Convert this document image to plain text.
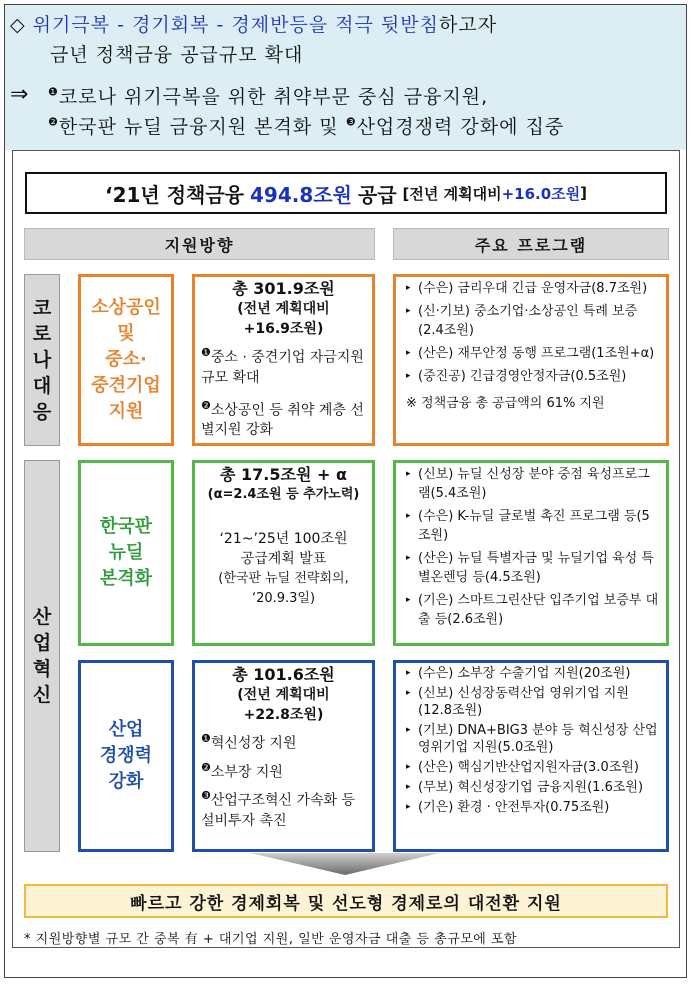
◇ 위기극복 - 경기회복 - 경제반등을 적극 뒷받침하고자
금년 정책금융 공급규모 확대
⇒ $^❶$코로나 위기극복을 위한 취약부문 중심 금융지원,
$^❷$한국판 뉴딜 금융지원 본격화 및 $^❸$산업경쟁력 강화에 집중
‘21년 정책금융 494.8조원 공급 [전년 계획대비 +16.0조원 ]
지원방향	주요 프로그램
코
로
나
대
응
산
업
혁
신
소상공인
및
중소·
중견기업
지원
총 301.9조원
(전년 계획대비
+16.9조원)
$^❶$중소 · 중견기업 자금지원 규모 확대
$^❷$소상공인 등 취약 계층 선별지원 강화
▸ (수은) 금리우대 긴급 운영자금(8.7조원)
▸ (신·기보) 중소기업·소상공인 특례 보증(2.4조원)
▸ (산은) 재무안정 동행 프로그램(1조원+α)
▸ (중진공) 긴급경영안정자금(0.5조원)
※ 정책금융 총 공급액의 61% 지원
한국판
뉴딜
본격화
총 17.5조원 + α
(α=2.4조원 등 추가노력)
‘21~’25년 100조원
공급계획 발표
(한국판 뉴딜 전략회의,
‘20.9.3일)
▸ (신보) 뉴딜 신성장 분야 중점 육성프로그램(5.4조원)
▸ (수은) K-뉴딜 글로벌 촉진 프로그램 등(5조원)
▸ (산은) 뉴딜 특별자금 및 뉴딜기업 육성 특별온렌딩 등(4.5조원)
▸ (기은) 스마트그린산단 입주기업 보증부 대출 등(2.6조원)
산업
경쟁력
강화
총 101.6조원
(전년 계획대비
+22.8조원)
$^❶$혁신성장 지원
$^❷$소부장 지원
$^❸$산업구조혁신 가속화 등 설비투자 촉진
▸ (수은) 소부장 수출기업 지원(20조원)
▸ (신보) 신성장동력산업 영위기업 지원(12.8조원)
▸ (기보) DNA+BIG3 분야 등 혁신성장 산업 영위기업 지원(5.0조원)
▸ (산은) 핵심기반산업지원자금(3.0조원)
▸ (무보) 혁신성장기업 금융지원(1.6조원)
▸ (기은) 환경 · 안전투자(0.75조원)
빠르고 강한 경제회복 및 선도형 경제로의 대전환 지원
* 지원방향별 규모 간 중복 有 + 대기업 지원, 일반 운영자금 대출 등 총규모에 포함
